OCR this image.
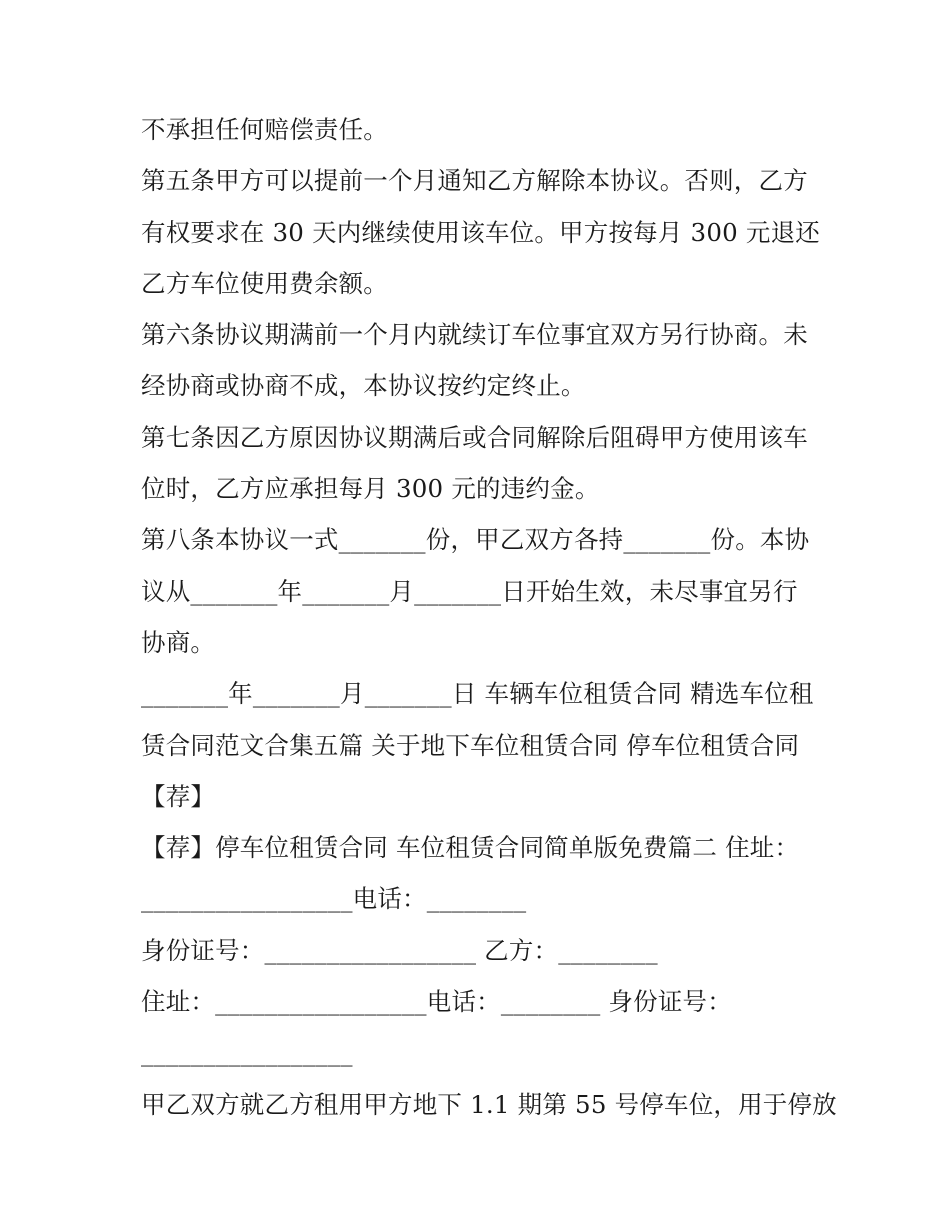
不承担任何赔偿责任。
第五条甲方可以提前一个月通知乙方解除本协议。否则，乙方
有权要求在 30 天内继续使用该车位。甲方按每月 300 元退还
乙方车位使用费余额。
第六条协议期满前一个月内就续订车位事宜双方另行协商。未
经协商或协商不成，本协议按约定终止。
第七条因乙方原因协议期满后或合同解除后阻碍甲方使用该车
位时，乙方应承担每月 300 元的违约金。
第八条本协议一式_______份，甲乙双方各持_______份。本协
议从_______年_______月_______日开始生效，未尽事宜另行
协商。
_______年_______月_______日 车辆车位租赁合同 精选车位租
赁合同范文合集五篇 关于地下车位租赁合同 停车位租赁合同
【荐】
【荐】停车位租赁合同 车位租赁合同简单版免费篇二 住址：
_________________电话：________
身份证号：_________________ 乙方：________
住址：_________________电话：________ 身份证号：
_________________
甲乙双方就乙方租用甲方地下 1.1 期第 55 号停车位，用于停放
